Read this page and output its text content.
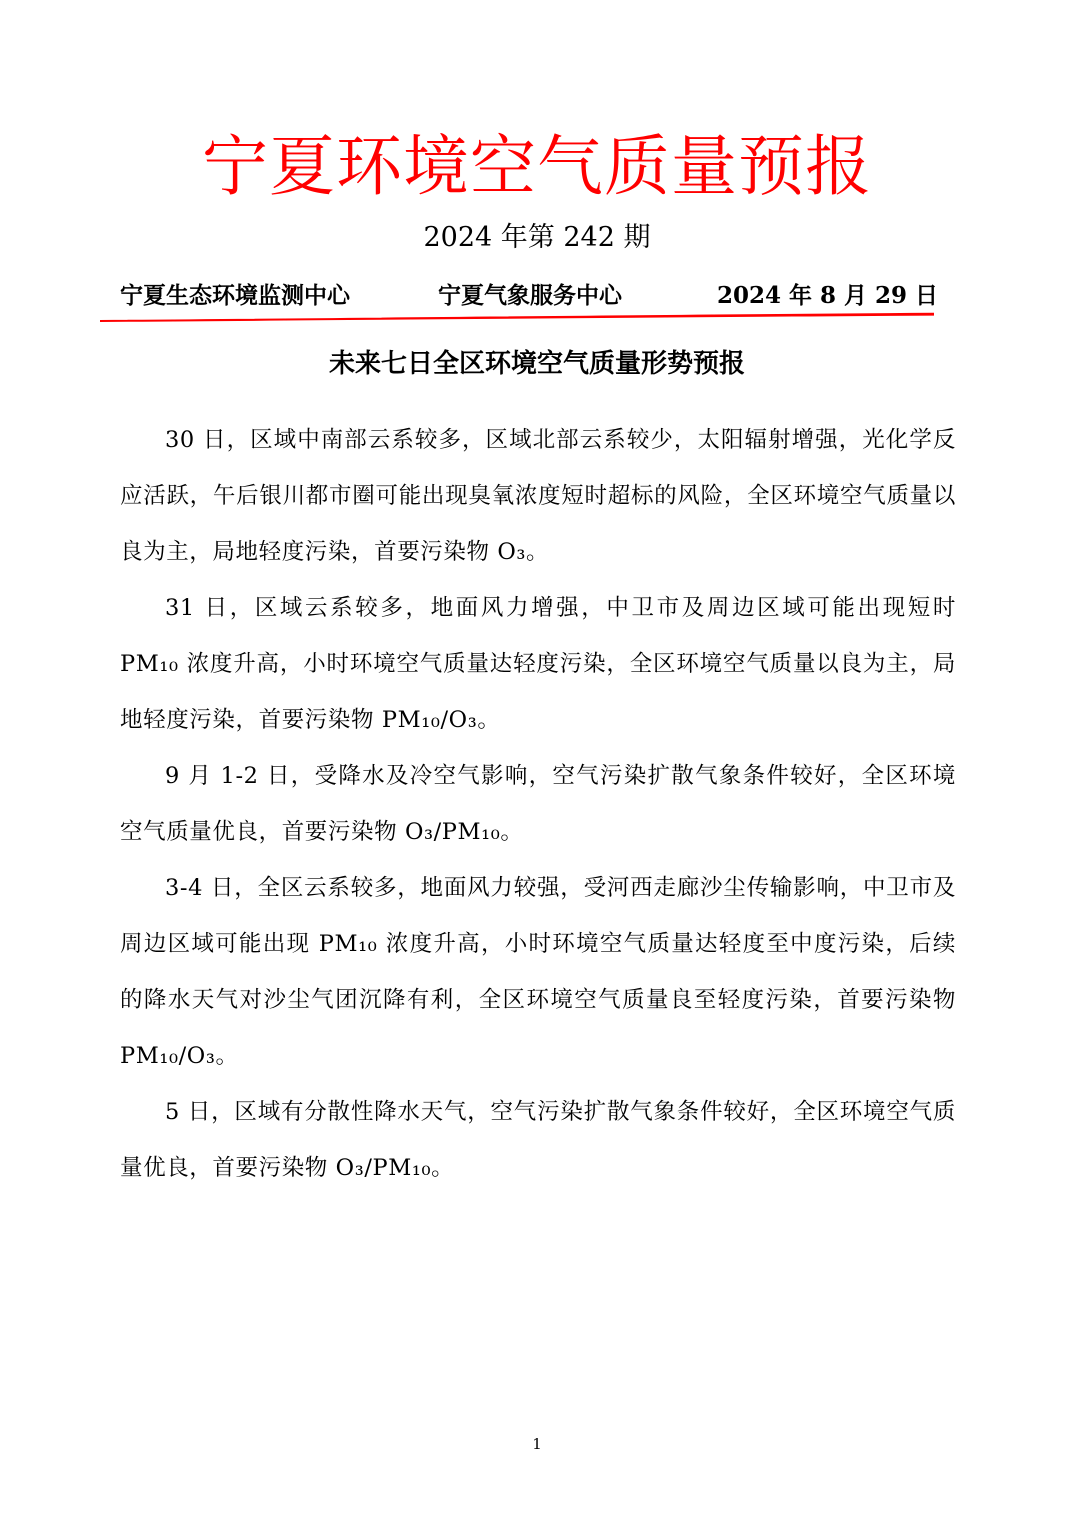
宁夏环境空气质量预报
2024 年第 242 期
宁夏生态环境监测中心	宁夏气象服务中心	2024 年 8 月 29 日
未来七日全区环境空气质量形势预报

30 日，区域中南部云系较多，区域北部云系较少，太阳辐射增强，光化学反应活跃，午后银川都市圈可能出现臭氧浓度短时超标的风险，全区环境空气质量以良为主，局地轻度污染，首要污染物 O₃。

31 日，区域云系较多，地面风力增强，中卫市及周边区域可能出现短时 PM₁₀ 浓度升高，小时环境空气质量达轻度污染，全区环境空气质量以良为主，局地轻度污染，首要污染物 PM₁₀/O₃。

9 月 1-2 日，受降水及冷空气影响，空气污染扩散气象条件较好，全区环境空气质量优良，首要污染物 O₃/PM₁₀。

3-4 日，全区云系较多，地面风力较强，受河西走廊沙尘传输影响，中卫市及周边区域可能出现 PM₁₀ 浓度升高，小时环境空气质量达轻度至中度污染，后续的降水天气对沙尘气团沉降有利，全区环境空气质量良至轻度污染，首要污染物 PM₁₀/O₃。

5 日，区域有分散性降水天气，空气污染扩散气象条件较好，全区环境空气质量优良，首要污染物 O₃/PM₁₀。

1
